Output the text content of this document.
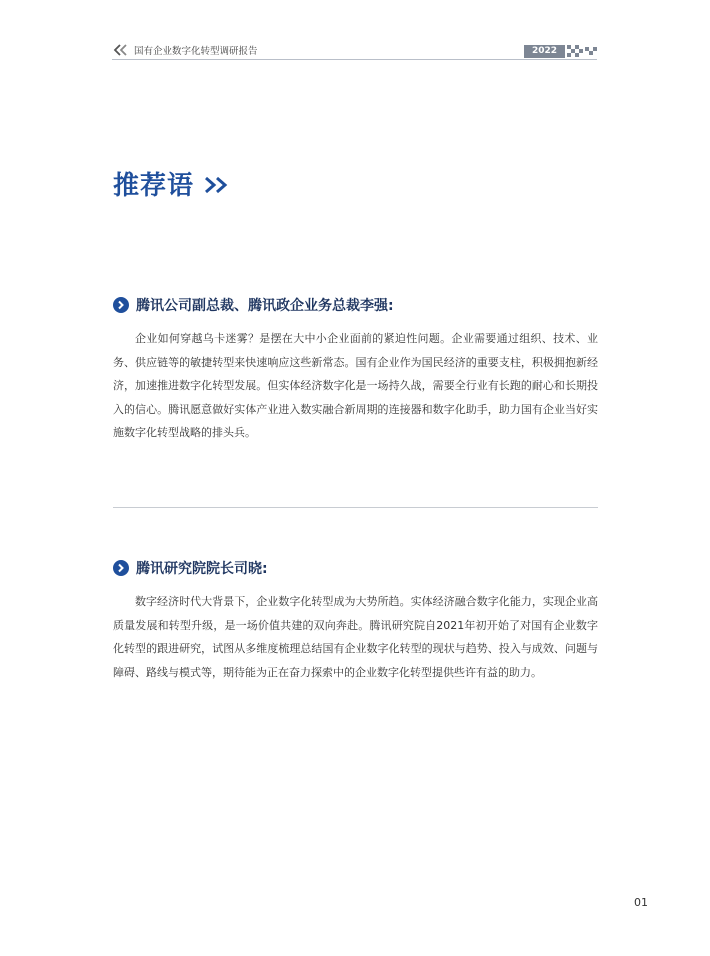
国有企业数字化转型调研报告	2022
推荐语
腾讯公司副总裁、腾讯政企业务总裁李强:
企业如何穿越乌卡迷雾？是摆在大中小企业面前的紧迫性问题。企业需要通过组织、技术、业务、供应链等的敏捷转型来快速响应这些新常态。国有企业作为国民经济的重要支柱，积极拥抱新经济，加速推进数字化转型发展。但实体经济数字化是一场持久战，需要全行业有长跑的耐心和长期投入的信心。腾讯愿意做好实体产业进入数实融合新周期的连接器和数字化助手，助力国有企业当好实施数字化转型战略的排头兵。
腾讯研究院院长司晓:
数字经济时代大背景下，企业数字化转型成为大势所趋。实体经济融合数字化能力，实现企业高质量发展和转型升级，是一场价值共建的双向奔赴。腾讯研究院自2021年初开始了对国有企业数字化转型的跟进研究，试图从多维度梳理总结国有企业数字化转型的现状与趋势、投入与成效、问题与障碍、路线与模式等，期待能为正在奋力探索中的企业数字化转型提供些许有益的助力。
01
